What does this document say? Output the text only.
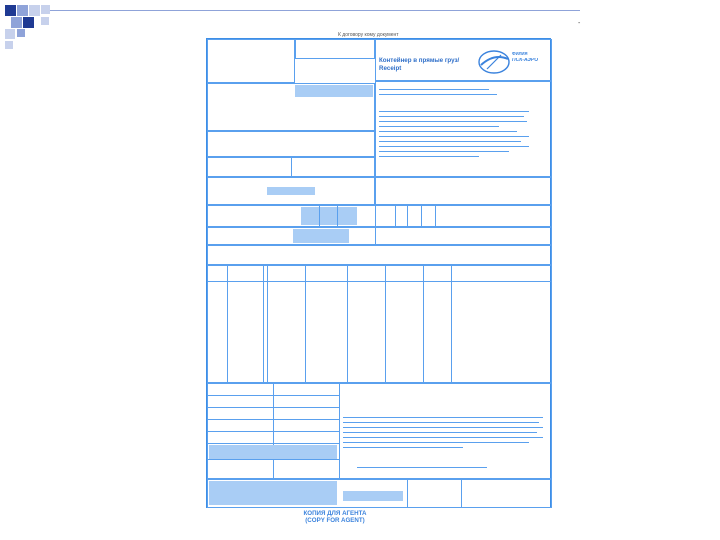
-
К договору кому документ
Контейнер в прямые груз/
Receipt

ФИЛИЯ
ПСК-АЭРО
КОПИЯ ДЛЯ АГЕНТА
(COPY FOR AGENT)
